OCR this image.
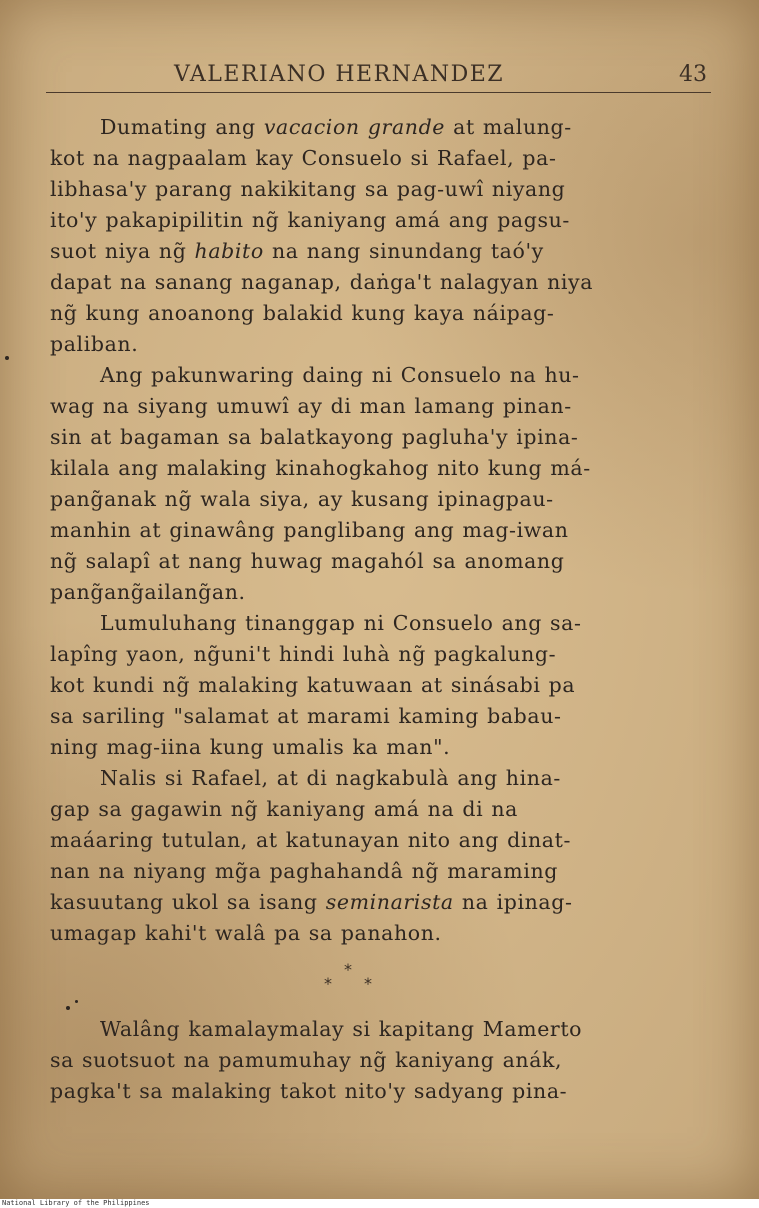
VALERIANO HERNANDEZ	43

Dumating ang vacacion grande at malung-
kot na nagpaalam kay Consuelo si Rafael, pa-
libhasa'y parang nakikitang sa pag-uwî niyang
ito'y pakapipilitin ng̃ kaniyang amá ang pagsu-
suot niya ng̃ habito na nang sinundang taó'y
dapat na sanang naganap, daṅga't nalagyan niya
ng̃ kung anoanong balakid kung kaya náipag-
paliban.

Ang pakunwaring daing ni Consuelo na hu-
wag na siyang umuwî ay di man lamang pinan-
sin at bagaman sa balatkayong pagluha'y ipina-
kilala ang malaking kinahogkahog nito kung má-
pang̃anak ng̃ wala siya, ay kusang ipinagpau-
manhin at ginawâng panglibang ang mag-iwan
ng̃ salapî at nang huwag magahól sa anomang
pang̃ang̃ailang̃an.

Lumuluhang tinanggap ni Consuelo ang sa-
lapîng yaon, ng̃uni't hindi luhà ng̃ pagkalung-
kot kundi ng̃ malaking katuwaan at sinásabi pa
sa sariling "salamat at marami kaming babau-
ning mag-iina kung umalis ka man".

Nalis si Rafael, at di nagkabulà ang hina-
gap sa gagawin ng̃ kaniyang amá na di na
maáaring tutulan, at katunayan nito ang dinat-
nan na niyang mg̃a paghahandâ ng̃ maraming
kasuutang ukol sa isang seminarista na ipinag-
umagap kahi't walâ pa sa panahon.

*
* *

Walâng kamalaymalay si kapitang Mamerto
sa suotsuot na pamumuhay ng̃ kaniyang anák,
pagka't sa malaking takot nito'y sadyang pina-

National Library of the Philippines
